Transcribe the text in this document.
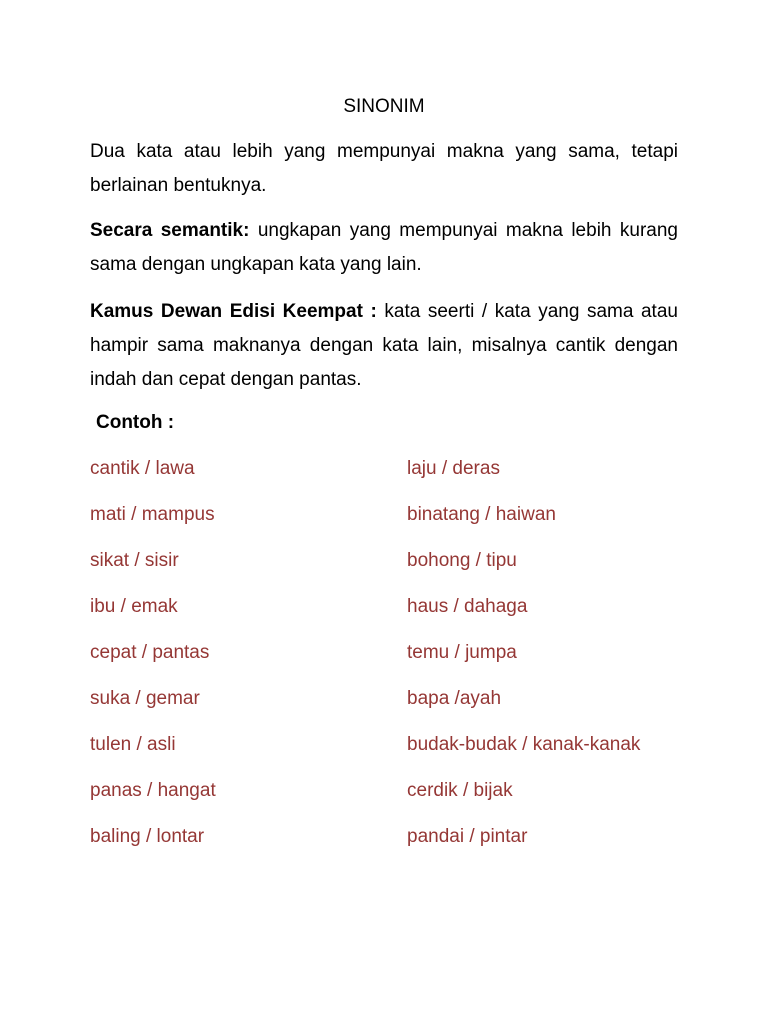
SINONIM
Dua kata atau lebih yang mempunyai makna yang sama, tetapi berlainan bentuknya.
Secara semantik: ungkapan yang mempunyai makna lebih kurang sama dengan ungkapan kata yang lain.
Kamus Dewan Edisi Keempat : kata seerti / kata yang sama atau hampir sama maknanya dengan kata lain, misalnya cantik dengan indah dan cepat dengan pantas.
Contoh :
cantik / lawa	laju / deras
mati / mampus	binatang / haiwan
sikat / sisir	bohong / tipu
ibu / emak	haus / dahaga
cepat / pantas	temu / jumpa
suka / gemar	bapa /ayah
tulen / asli	budak-budak / kanak-kanak
panas / hangat	cerdik / bijak
baling / lontar	pandai / pintar
